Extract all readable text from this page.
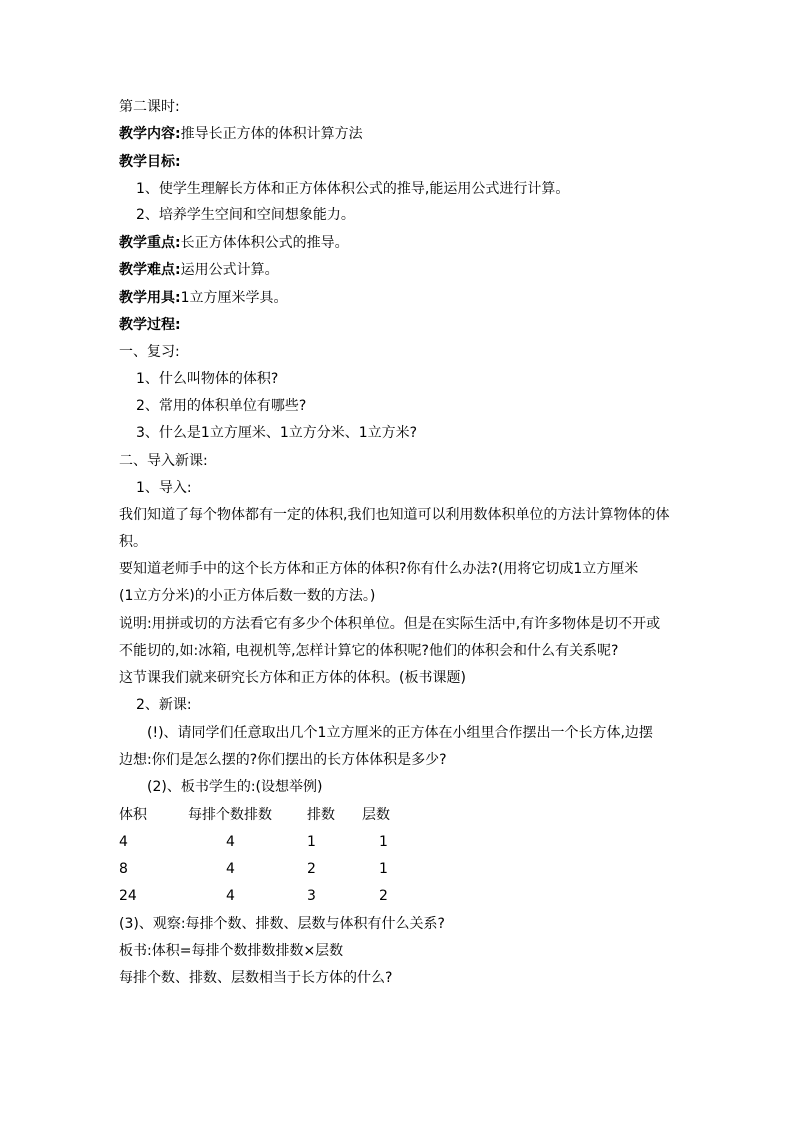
第二课时:
教学内容:推导长正方体的体积计算方法
教学目标:
1、使学生理解长方体和正方体体积公式的推导,能运用公式进行计算。
2、培养学生空间和空间想象能力。
教学重点:长正方体体积公式的推导。
教学难点:运用公式计算。
教学用具:1立方厘米学具。
教学过程:
一、复习:
1、什么叫物体的体积?
2、常用的体积单位有哪些?
3、什么是1立方厘米、1立方分米、1立方米?
二、导入新课:
1、导入:
我们知道了每个物体都有一定的体积,我们也知道可以利用数体积单位的方法计算物体的体
积。
要知道老师手中的这个长方体和正方体的体积?你有什么办法?(用将它切成1立方厘米
(1立方分米)的小正方体后数一数的方法。)
说明:用拼或切的方法看它有多少个体积单位。但是在实际生活中,有许多物体是切不开或
不能切的,如:冰箱, 电视机等,怎样计算它的体积呢?他们的体积会和什么有关系呢?
这节课我们就来研究长方体和正方体的体积。(板书课题)
2、新课:
(!)、请同学们任意取出几个1立方厘米的正方体在小组里合作摆出一个长方体,边摆
边想:你们是怎么摆的?你们摆出的长方体体积是多少?
(2)、板书学生的:(设想举例)
体积	每排个数排数	排数 层数
4	4	1	1
8	4	2	1
24	4	3	2
(3)、观察:每排个数、排数、层数与体积有什么关系?
板书:体积=每排个数排数排数×层数
每排个数、排数、层数相当于长方体的什么?
